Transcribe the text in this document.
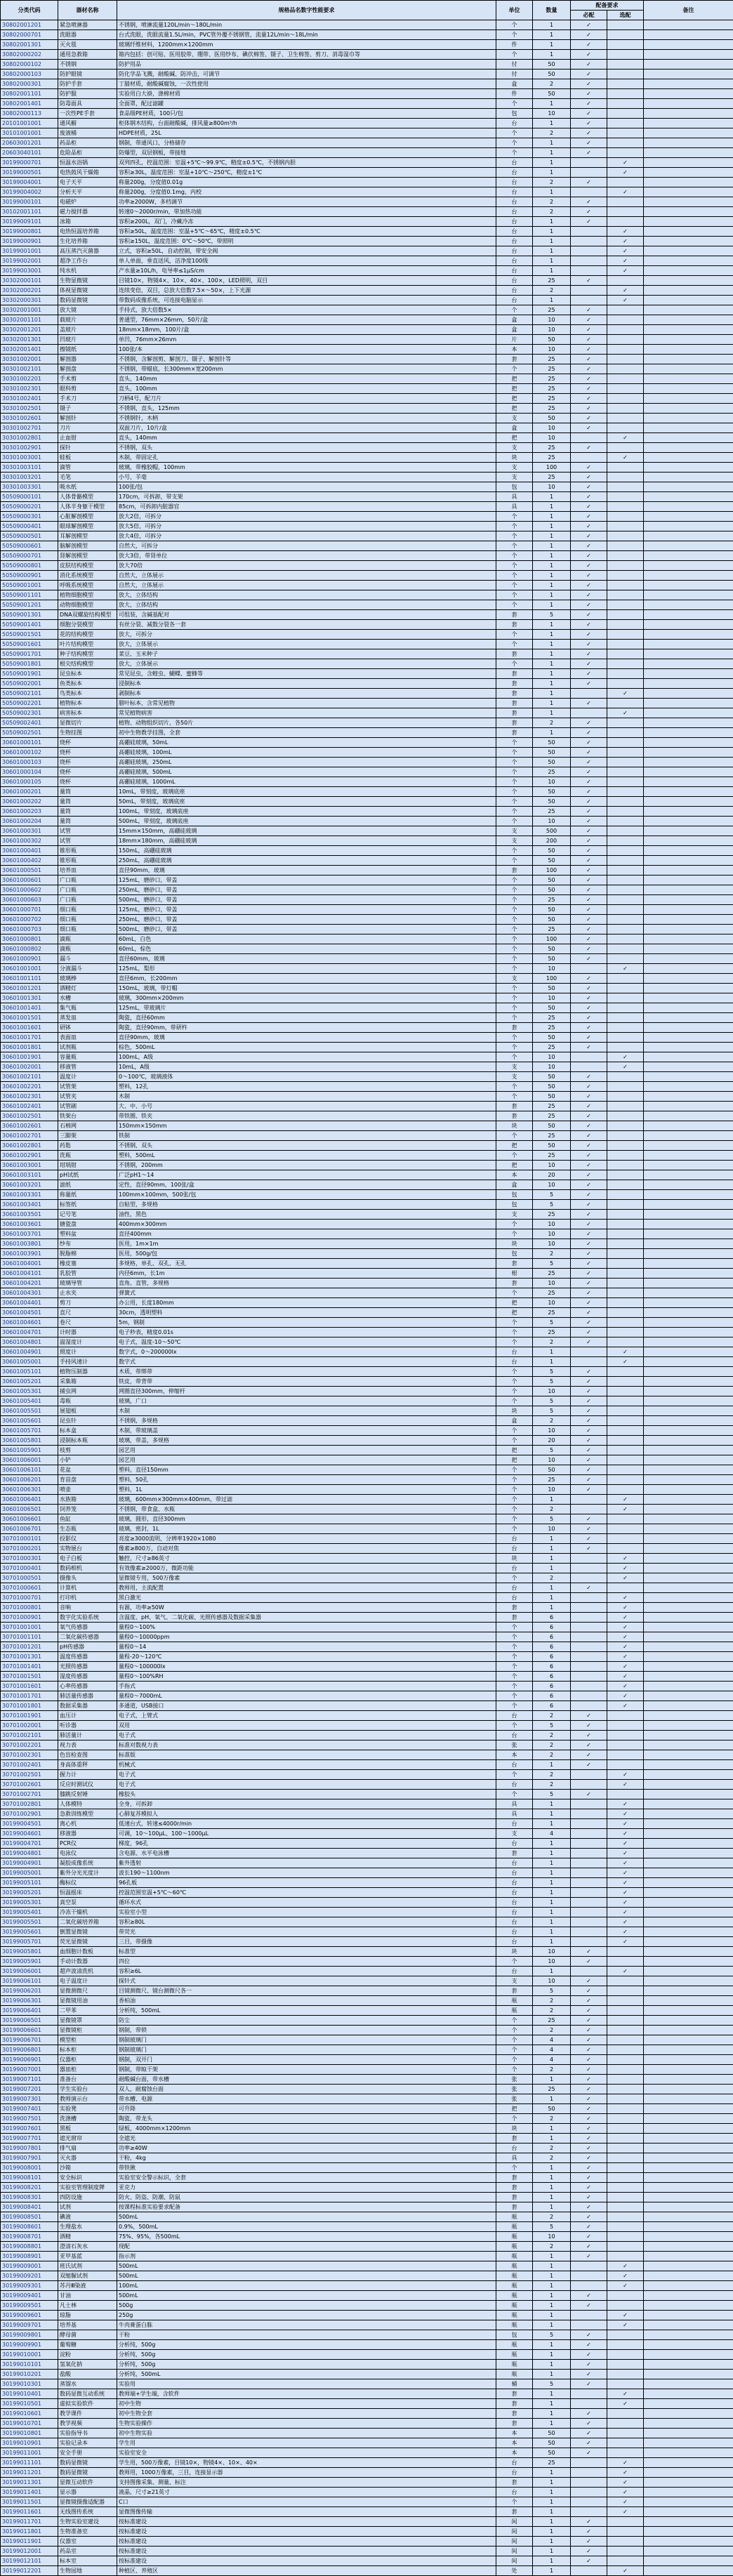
分类代码	器材名称	规格品名数字性能要求	单位	数量	配备要求		备注
					必配	选配	
30802001201	紧急喷淋器	不锈钢，喷淋流量120L/min～180L/min	个	1	✓		
30802000701	洗眼器	台式洗眼，洗眼流量1.5L/min，PVC管外覆不锈钢管，流量12L/min～18L/min	个	1	✓		
30802001301	灭火毯	玻璃纤维材料，1200mm×1200mm	件	1	✓		
30802000202	通用急救箱	箱内包括：创可贴、医用胶带、绷带、医用纱布、碘伏棉签、镊子、卫生棉签、剪刀、消毒湿巾等	个	1	✓		
30802000102	不锈钢	防护用品	付	50	✓		
30802000103	防护眼镜	防化学品飞溅，耐酸碱、防冲击，可调节	付	50	✓		
30802000301	防护手套	丁腈材质，耐酸碱腐蚀，一次性使用	盒	2	✓		
30802001101	防护服	实验用白大褂，涤棉材质	件	50	✓		
30802001401	防毒面具	全面罩，配过滤罐	个	1	✓		
30802000113	一次性PE手套	食品级PE材质，100只/包	包	10	✓		
20101001001	通风橱	柜体钢木结构，台面耐酸碱，排风量≥800m³/h	台	1	✓		
30101001001	废液桶	HDPE材质，25L	个	2	✓		
20603001201	药品柜	钢制，带通风口，分格储存	个	1	✓		
20603040101	危险品柜	防爆型，双层钢板，带接地	个	1	✓		
30199000701	恒温水浴锅	双列四孔，控温范围：室温+5℃～99.9℃，精度±0.5℃，不锈钢内胆	台	1		✓	
30199000501	电热鼓风干燥箱	容积≥30L，温度范围：室温+10℃～250℃，精度±1℃	台	1		✓	
30199004001	电子天平	称量200g，分度值0.01g	台	2	✓		
30199004002	分析天平	称量200g，分度值0.1mg，内校	台	1		✓	
30199000101	电磁炉	功率≥2000W，多档调节	台	2	✓		
30102001101	磁力搅拌器	转速0～2000r/min，带加热功能	台	2	✓		
30199009101	冰箱	容积≥200L，双门，冷藏冷冻	台	1	✓		
30199000801	电热恒温培养箱	容积≥50L，温度范围：室温+5℃～65℃，精度±0.5℃	台	1		✓	
30199000901	生化培养箱	容积≥150L，温度范围：0℃～50℃，带照明	台	1		✓	
30199001001	高压蒸汽灭菌器	立式，容积≥50L，自动控制，带安全阀	台	1		✓	
30199002001	超净工作台	单人单面，垂直送风，洁净度100级	台	1		✓	
30199003001	纯水机	产水量≥10L/h，电导率≤1μS/cm	台	1		✓	
30302000101	生物显微镜	目镜10×，物镜4×、10×、40×、100×，LED照明，双目	台	25	✓		
30302000201	体视显微镜	连续变倍，双目，总放大倍数7.5×～50×，上下光源	台	2		✓	
30302000301	数码显微镜	带数码成像系统，可连接电脑显示	台	1		✓	
30302001001	放大镜	手持式，放大倍数5×	个	25	✓		
30302001101	载玻片	普通型，76mm×26mm，50片/盒	盒	10	✓		
30302001201	盖玻片	18mm×18mm，100片/盒	盒	10	✓		
30302001301	凹玻片	单凹，76mm×26mm	片	50	✓		
30302001401	擦镜纸	100张/本	本	10	✓		
30301002001	解剖器	不锈钢，含解剖剪、解剖刀、镊子、解剖针等	套	25	✓		
30301002101	解剖盘	不锈钢，带蜡底，长300mm×宽200mm	个	25	✓		
30301002201	手术剪	直头，140mm	把	25	✓		
30301002301	眼科剪	直头，100mm	把	25	✓		
30301002401	手术刀	刀柄4号，配刀片	把	25	✓		
30301002501	镊子	不锈钢，直头，125mm	把	25	✓		
30301002601	解剖针	不锈钢针，木柄	支	50	✓		
30301002701	刀片	双面刀片，10片/盒	盒	10	✓		
30301002801	止血钳	直头，140mm	把	10		✓	
30301002901	探针	不锈钢，双头	支	25	✓		
30301003001	蛙板	木制，带固定孔	块	25		✓	
30301003101	滴管	玻璃，带橡胶帽，100mm	支	100	✓		
30301003201	毛笔	小号，羊毫	支	25	✓		
30301003301	吸水纸	100张/包	包	10	✓		
50509000101	人体骨骼模型	170cm，可拆卸，带支架	具	1	✓		
50509000201	人体半身躯干模型	85cm，可拆卸内脏器官	具	1	✓		
50509000301	心脏解剖模型	放大2倍，可拆分	个	1	✓		
50509000401	眼球解剖模型	放大5倍，可拆分	个	1	✓		
50509000501	耳解剖模型	放大4倍，可拆分	个	1	✓		
50509000601	脑解剖模型	自然大，可拆分	个	1	✓		
50509000701	肾解剖模型	放大3倍，带肾单位	个	1	✓		
50509000801	皮肤结构模型	放大70倍	个	1	✓		
50509000901	消化系统模型	自然大，立体展示	个	1	✓		
50509001001	呼吸系统模型	自然大，立体展示	个	1	✓		
50509001101	植物细胞模型	放大，立体结构	个	1	✓		
50509001201	动物细胞模型	放大，立体结构	个	1	✓		
50509001301	DNA双螺旋结构模型	可组装，含碱基配对	套	5	✓		
50509001401	细胞分裂模型	有丝分裂、减数分裂各一套	套	1	✓		
50509001501	花的结构模型	放大，可拆分	个	1	✓		
50509001601	叶片结构模型	放大，立体展示	个	1	✓		
50509001701	种子结构模型	菜豆、玉米种子	套	1	✓		
50509001801	根尖结构模型	放大，立体展示	个	1	✓		
50509001901	昆虫标本	常见昆虫，含蝗虫、蝴蝶、蜜蜂等	套	1	✓		
50509002001	鱼类标本	浸制标本	套	1	✓		
50509002101	鸟类标本	剥制标本	套	1		✓	
50509002201	植物标本	腊叶标本，含常见植物	套	1	✓		
50509002301	病害标本	常见植物病害	套	1		✓	
50509002401	显微切片	植物、动物组织切片，各50片	套	2	✓		
50509002501	生物挂图	初中生物教学挂图，全套	套	1	✓		
30601000101	烧杯	高硼硅玻璃，50mL	个	50	✓		
30601000102	烧杯	高硼硅玻璃，100mL	个	50	✓		
30601000103	烧杯	高硼硅玻璃，250mL	个	50	✓		
30601000104	烧杯	高硼硅玻璃，500mL	个	25	✓		
30601000105	烧杯	高硼硅玻璃，1000mL	个	10	✓		
30601000201	量筒	10mL，带刻度，玻璃底座	个	50	✓		
30601000202	量筒	50mL，带刻度，玻璃底座	个	50	✓		
30601000203	量筒	100mL，带刻度，玻璃底座	个	25	✓		
30601000204	量筒	500mL，带刻度，玻璃底座	个	10	✓		
30601000301	试管	15mm×150mm，高硼硅玻璃	支	500	✓		
30601000302	试管	18mm×180mm，高硼硅玻璃	支	200	✓		
30601000401	锥形瓶	150mL，高硼硅玻璃	个	50	✓		
30601000402	锥形瓶	250mL，高硼硅玻璃	个	50	✓		
30601000501	培养皿	直径90mm，玻璃	套	100	✓		
30601000601	广口瓶	125mL，磨砂口，带盖	个	50	✓		
30601000602	广口瓶	250mL，磨砂口，带盖	个	50	✓		
30601000603	广口瓶	500mL，磨砂口，带盖	个	25	✓		
30601000701	细口瓶	125mL，磨砂口，带盖	个	50	✓		
30601000702	细口瓶	250mL，磨砂口，带盖	个	50	✓		
30601000703	细口瓶	500mL，磨砂口，带盖	个	25	✓		
30601000801	滴瓶	60mL，白色	个	100	✓		
30601000802	滴瓶	60mL，棕色	个	50	✓		
30601000901	漏斗	直径60mm，玻璃	个	50	✓		
30601001001	分液漏斗	125mL，梨形	个	10		✓	
30601001101	玻璃棒	直径6mm，长200mm	支	100	✓		
30601001201	酒精灯	150mL，玻璃，带灯帽	个	50	✓		
30601001301	水槽	玻璃，300mm×200mm	个	10	✓		
30601001401	集气瓶	125mL，带玻璃片	个	50	✓		
30601001501	蒸发皿	陶瓷，直径60mm	个	25	✓		
30601001601	研钵	陶瓷，直径90mm，带研杵	套	25	✓		
30601001701	表面皿	直径90mm，玻璃	个	50	✓		
30601001801	试剂瓶	棕色，500mL	个	25	✓		
30601001901	容量瓶	100mL，A级	个	10		✓	
30601002001	移液管	10mL，A级	支	10		✓	
30601002101	温度计	0～100℃，玻璃液体	支	50	✓		
30601002201	试管架	塑料，12孔	个	50	✓		
30601002301	试管夹	木制	个	50	✓		
30601002401	试管刷	大、中、小号	套	25	✓		
30601002501	铁架台	带铁圈、铁夹	套	25	✓		
30601002601	石棉网	150mm×150mm	块	50	✓		
30601002701	三脚架	铁制	个	25	✓		
30601002801	药匙	不锈钢，双头	把	50	✓		
30601002901	洗瓶	塑料，500mL	个	25	✓		
30601003001	坩埚钳	不锈钢，200mm	把	10	✓		
30601003101	pH试纸	广泛pH1～14	本	20	✓		
30601003201	滤纸	定性，直径90mm，100张/盒	盒	10	✓		
30601003301	称量纸	100mm×100mm，500张/包	包	5	✓		
30601003401	标签纸	自粘型，多规格	包	5	✓		
30601003501	记号笔	油性，黑色	支	25	✓		
30601003601	搪瓷盘	400mm×300mm	个	10	✓		
30601003701	塑料盆	直径400mm	个	10	✓		
30601003801	纱布	医用，1m×1m	块	10	✓		
30601003901	脱脂棉	医用，500g/包	包	2	✓		
30601004001	橡皮塞	多规格，单孔、双孔、无孔	套	5	✓		
30601004101	乳胶管	内径6mm，长1m	根	25	✓		
30601004201	玻璃导管	直角、直管，多规格	套	10	✓		
30601004301	止水夹	弹簧式	个	25	✓		
30601004401	剪刀	办公用，长度180mm	把	10	✓		
30601004501	直尺	30cm，透明塑料	把	25	✓		
30601004601	卷尺	5m，钢制	个	5	✓		
30601004701	计时器	电子秒表，精度0.01s	个	25	✓		
30601004801	温湿度计	电子式，温度-10～50℃	个	2	✓		
30601004901	照度计	数字式，0～200000lx	台	1		✓	
30601005001	手持风速计	数字式	台	1		✓	
30601005101	植物压制器	木质，带绑带	个	5	✓		
30601005201	采集箱	铁皮，带背带	个	5	✓		
30601005301	捕虫网	网圈直径300mm，伸缩杆	个	10	✓		
30601005401	毒瓶	玻璃，广口	个	5	✓		
30601005501	展翅板	木制	块	5	✓		
30601005601	昆虫针	不锈钢，多规格	盒	2	✓		
30601005701	标本盒	木制，带玻璃盖	个	10	✓		
30601005801	浸制标本瓶	玻璃，带盖，多规格	个	20	✓		
30601005901	枝剪	园艺用	把	5	✓		
30601006001	小铲	园艺用	把	10	✓		
30601006101	花盆	塑料，直径150mm	个	50	✓		
30601006201	育苗盘	塑料，50孔	个	25	✓		
30601006301	喷壶	塑料，1L	个	10	✓		
30601006401	水族箱	玻璃，600mm×300mm×400mm，带过滤	个	1		✓	
30601006501	饲养笼	不锈钢，带食盒、水瓶	个	2		✓	
30601006601	鱼缸	玻璃，圆形，直径300mm	个	5	✓		
30601006701	生态瓶	玻璃，密封，1L	个	10	✓		
30701000101	投影仪	亮度≥3000流明，分辨率1920×1080	台	1	✓		
30701000201	实物展台	像素≥800万，自动对焦	台	1	✓		
30701000301	电子白板	触控，尺寸≥86英寸	块	1		✓	
30701000401	数码相机	有效像素≥2000万，微距功能	台	1		✓	
30701000501	摄像头	显微镜专用，500万像素	个	2		✓	
30701000601	计算机	教师用，主流配置	台	1	✓		
30701000701	打印机	黑白激光	台	1		✓	
30701000801	音响	有源，功率≥50W	套	1		✓	
30701000901	数字化实验系统	含温度、pH、氧气、二氧化碳、光照传感器及数据采集器	套	6		✓	
30701001001	氧气传感器	量程0～100%	个	6		✓	
30701001101	二氧化碳传感器	量程0～10000ppm	个	6		✓	
30701001201	pH传感器	量程0～14	个	6		✓	
30701001301	温度传感器	量程-20～120℃	个	6		✓	
30701001401	光照传感器	量程0～100000lx	个	6		✓	
30701001501	湿度传感器	量程0～100%RH	个	6		✓	
30701001601	心率传感器	手指式	个	6		✓	
30701001701	肺活量传感器	量程0～7000mL	个	6		✓	
30701001801	数据采集器	多通道，USB接口	个	6		✓	
30701001901	血压计	电子式，上臂式	台	2	✓		
30701002001	听诊器	双用	个	5	✓		
30701002101	肺活量计	电子式	台	2	✓		
30701002201	视力表	标准对数视力表	张	2	✓		
30701002301	色盲检查图	标准版	本	2	✓		
30701002401	身高体重秤	机械式	台	1	✓		
30701002501	握力计	电子式	个	2		✓	
30701002601	反应时测试仪	电子式	台	2		✓	
30701002701	膝跳反射锤	橡胶头	个	5	✓		
30701002801	人体模特	全身，可拆卸	具	1		✓	
30701002901	急救训练模型	心肺复苏模拟人	具	1		✓	
30199004501	离心机	低速台式，转速≤4000r/min	台	1		✓	
30199004601	移液器	可调，10～100μL、100～1000μL	支	4		✓	
30199004701	PCR仪	梯度，96孔	台	1		✓	
30199004801	电泳仪	含电源、水平电泳槽	套	1		✓	
30199004901	凝胶成像系统	紫外透射	台	1		✓	
30199005001	紫外分光光度计	波长190～1100nm	台	1		✓	
30199005101	酶标仪	96孔板	台	1		✓	
30199005201	恒温摇床	控温范围室温+5℃～60℃	台	1		✓	
30199005301	真空泵	循环水式	台	1		✓	
30199005401	冷冻干燥机	实验室小型	台	1		✓	
30199005501	二氧化碳培养箱	容积≥80L	台	1		✓	
30199005601	倒置显微镜	带荧光	台	1		✓	
30199005701	荧光显微镜	三目，带摄像	台	1		✓	
30199005801	血细胞计数板	标准型	块	10	✓		
30199005901	手动计数器	四位	个	10	✓		
30199006001	超声波清洗机	容积≥6L	台	1		✓	
30199006101	电子温度计	探针式	支	10	✓		
30199006201	显微测微尺	目镜测微尺、镜台测微尺各一	套	5	✓		
30199006301	显微镜用油	香柏油	瓶	2	✓		
30199006401	二甲苯	分析纯，500mL	瓶	2	✓		
30199006501	显微镜罩	防尘	个	25	✓		
30199006601	显微镜柜	钢制，带锁	个	2	✓		
30199006701	模型柜	钢制玻璃门	个	4	✓		
30199006801	标本柜	钢制玻璃门	个	4	✓		
30199006901	仪器柜	钢制，双开门	个	4	✓		
30199007001	器皿柜	钢制，带晾干架	个	2	✓		
30199007101	准备台	耐酸碱台面，带水槽	张	1	✓		
30199007201	学生实验台	双人，耐腐蚀台面	张	25	✓		
30199007301	教师演示台	带水槽、电源	张	1	✓		
30199007401	实验凳	可升降	把	50	✓		
30199007501	洗涤槽	陶瓷，带龙头	个	2	✓		
30199007601	黑板	绿板，4000mm×1200mm	块	1	✓		
30199007701	遮光窗帘	全遮光	套	1	✓		
30199007801	排气扇	功率≥40W	台	2	✓		
30199007901	灭火器	干粉，4kg	具	2	✓		
30199008001	沙箱	带铁锹	个	1	✓		
30199008101	安全标识	实验室安全警示标识，全套	套	1	✓		
30199008201	实验室管理制度牌	亚克力	套	1	✓		
30199008301	四防设施	防火、防盗、防潮、防鼠	套	1	✓		
30199008401	试剂	按课程标准实验要求配备	套	1	✓		
30199008501	碘液	500mL	瓶	2	✓		
30199008601	生理盐水	0.9%，500mL	瓶	5	✓		
30199008701	酒精	75%、95%，各500mL	瓶	10	✓		
30199008801	澄清石灰水	现配	瓶	2	✓		
30199008901	亚甲基蓝	指示剂	瓶	1	✓		
30199009001	班氏试剂	500mL	瓶	1		✓	
30199009201	双缩脲试剂	500mL	瓶	1		✓	
30199009301	苏丹Ⅲ染液	100mL	瓶	1		✓	
30199009401	甘油	500mL	瓶	1	✓		
30199009501	凡士林	500g	瓶	1	✓		
30199009601	琼脂	250g	瓶	1		✓	
30199009701	培养基	牛肉膏蛋白胨	瓶	1		✓	
30199009801	酵母菌	干粉	包	5	✓		
30199009901	葡萄糖	分析纯，500g	瓶	1	✓		
30199010001	淀粉	分析纯，500g	瓶	1	✓		
30199010101	氢氧化钠	分析纯，500g	瓶	1	✓		
30199010201	盐酸	分析纯，500mL	瓶	1	✓		
30199010301	蒸馏水	实验用	桶	5	✓		
30199010401	数码显微互动系统	教师端+学生端，含软件	套	1		✓	
30199010501	虚拟实验软件	初中生物	套	1		✓	
30199010601	教学课件	初中生物全套	套	1	✓		
30199010701	教学视频	生物实验操作	套	1	✓		
30199010801	实验指导书	初中生物实验	本	50	✓		
30199010901	实验记录本	学生用	本	50	✓		
30199011001	安全手册	实验室安全	本	50	✓		
30199011101	数码显微镜	学生用，500万像素，目镜10×，物镜4×、10×、40×	台	25		✓	
30199011201	数码显微镜	教师用，1000万像素，三目，连接显示器	台	1		✓	
30199011301	显微互动软件	支持图像采集、测量、标注	套	1		✓	
30199011401	显示器	液晶，尺寸≥21英寸	台	1		✓	
30199011501	显微镜摄像适配器	C口	个	1		✓	
30199011601	无线图传系统	显微图像传输	套	1		✓	
30199011701	生物实验室建设	按标准建设	间	1	✓		
30199011801	生物准备室	按标准建设	间	1	✓		
30199011901	仪器室	按标准建设	间	1	✓		
30199012001	药品室	按标准建设	间	1	✓		
30199012101	标本室	按标准建设	间	1	✓		
30199012201	生物园地	种植区、养殖区	处	1		✓	
